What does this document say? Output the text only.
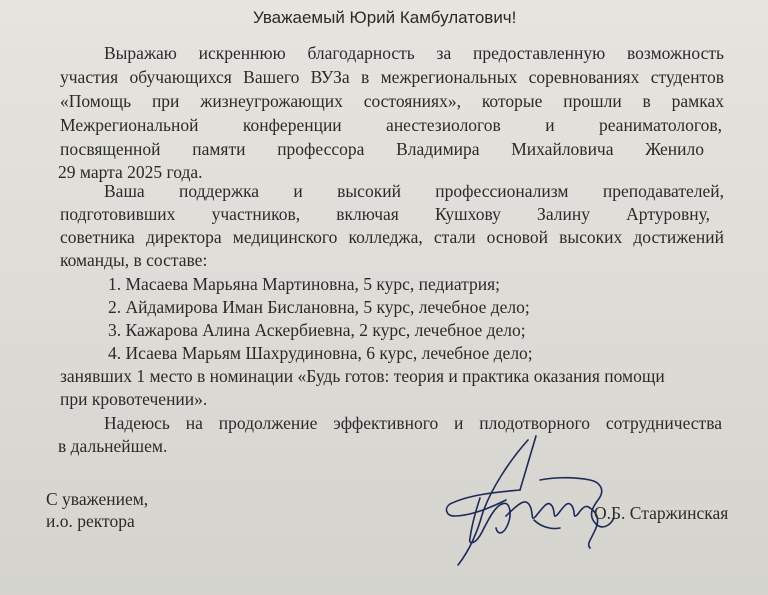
Уважаемый Юрий Камбулатович!
Выражаю искреннюю благодарность за предоставленную возможность
участия обучающихся Вашего ВУЗа в межрегиональных соревнованиях студентов
«Помощь при жизнеугрожающих состояниях», которые прошли в рамках
Межрегиональной конференции анестезиологов и реаниматологов,
посвященной памяти профессора Владимира Михайловича Женило
29 марта 2025 года.
Ваша поддержка и высокий профессионализм преподавателей,
подготовивших участников, включая Кушхову Залину Артуровну,
советника директора медицинского колледжа, стали основой высоких достижений
команды, в составе:
1. Масаева Марьяна Мартиновна, 5 курс, педиатрия;
2. Айдамирова Иман Бислановна, 5 курс, лечебное дело;
3. Кажарова Алина Аскербиевна, 2 курс, лечебное дело;
4. Исаева Марьям Шахрудиновна, 6 курс, лечебное дело;
занявших 1 место в номинации «Будь готов: теория и практика оказания помощи
при кровотечении».
Надеюсь на продолжение эффективного и плодотворного сотрудничества
в дальнейшем.
С уважением,
и.о. ректора	О.Б. Старжинская
